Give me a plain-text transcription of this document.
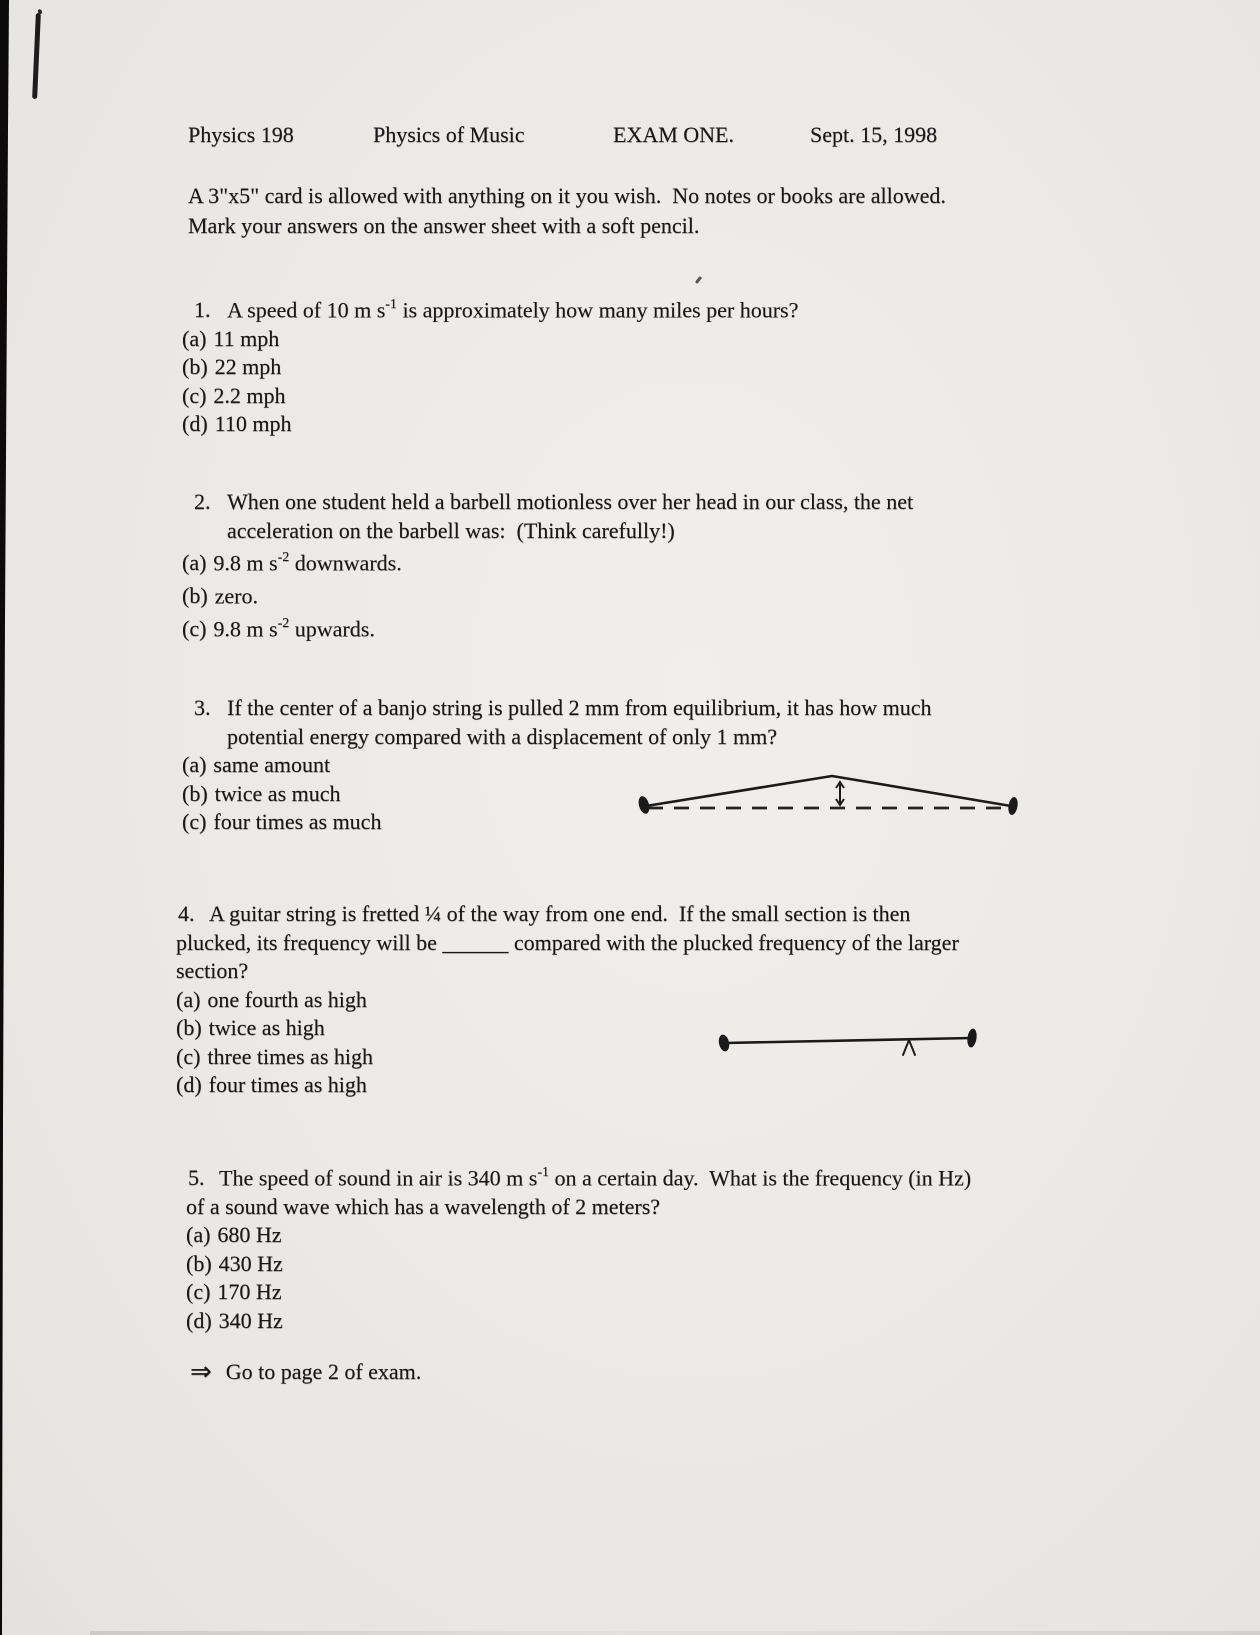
Physics 198	Physics of Music	EXAM ONE.	Sept. 15, 1998
A 3"x5" card is allowed with anything on it you wish.  No notes or books are allowed.
Mark your answers on the answer sheet with a soft pencil.
1. A speed of 10 m $s^{-1}$ is approximately how many miles per hours?
(a) 11 mph
(b) 22 mph
(c) 2.2 mph
(d) 110 mph
2. When one student held a barbell motionless over her head in our class, the net
acceleration on the barbell was:  (Think carefully!)
(a) 9.8 m $s^{-2}$ downwards.
(b) zero.
(c) 9.8 m $s^{-2}$ upwards.
3. If the center of a banjo string is pulled 2 mm from equilibrium, it has how much
potential energy compared with a displacement of only 1 mm?
(a) same amount
(b) twice as much
(c) four times as much
4. A guitar string is fretted ¼ of the way from one end.  If the small section is then
plucked, its frequency will be ______ compared with the plucked frequency of the larger
section?
(a) one fourth as high
(b) twice as high
(c) three times as high
(d) four times as high
5. The speed of sound in air is 340 m $s^{-1}$ on a certain day.  What is the frequency (in Hz)
of a sound wave which has a wavelength of 2 meters?
(a) 680 Hz
(b) 430 Hz
(c) 170 Hz
(d) 340 Hz
⇒ Go to page 2 of exam.
